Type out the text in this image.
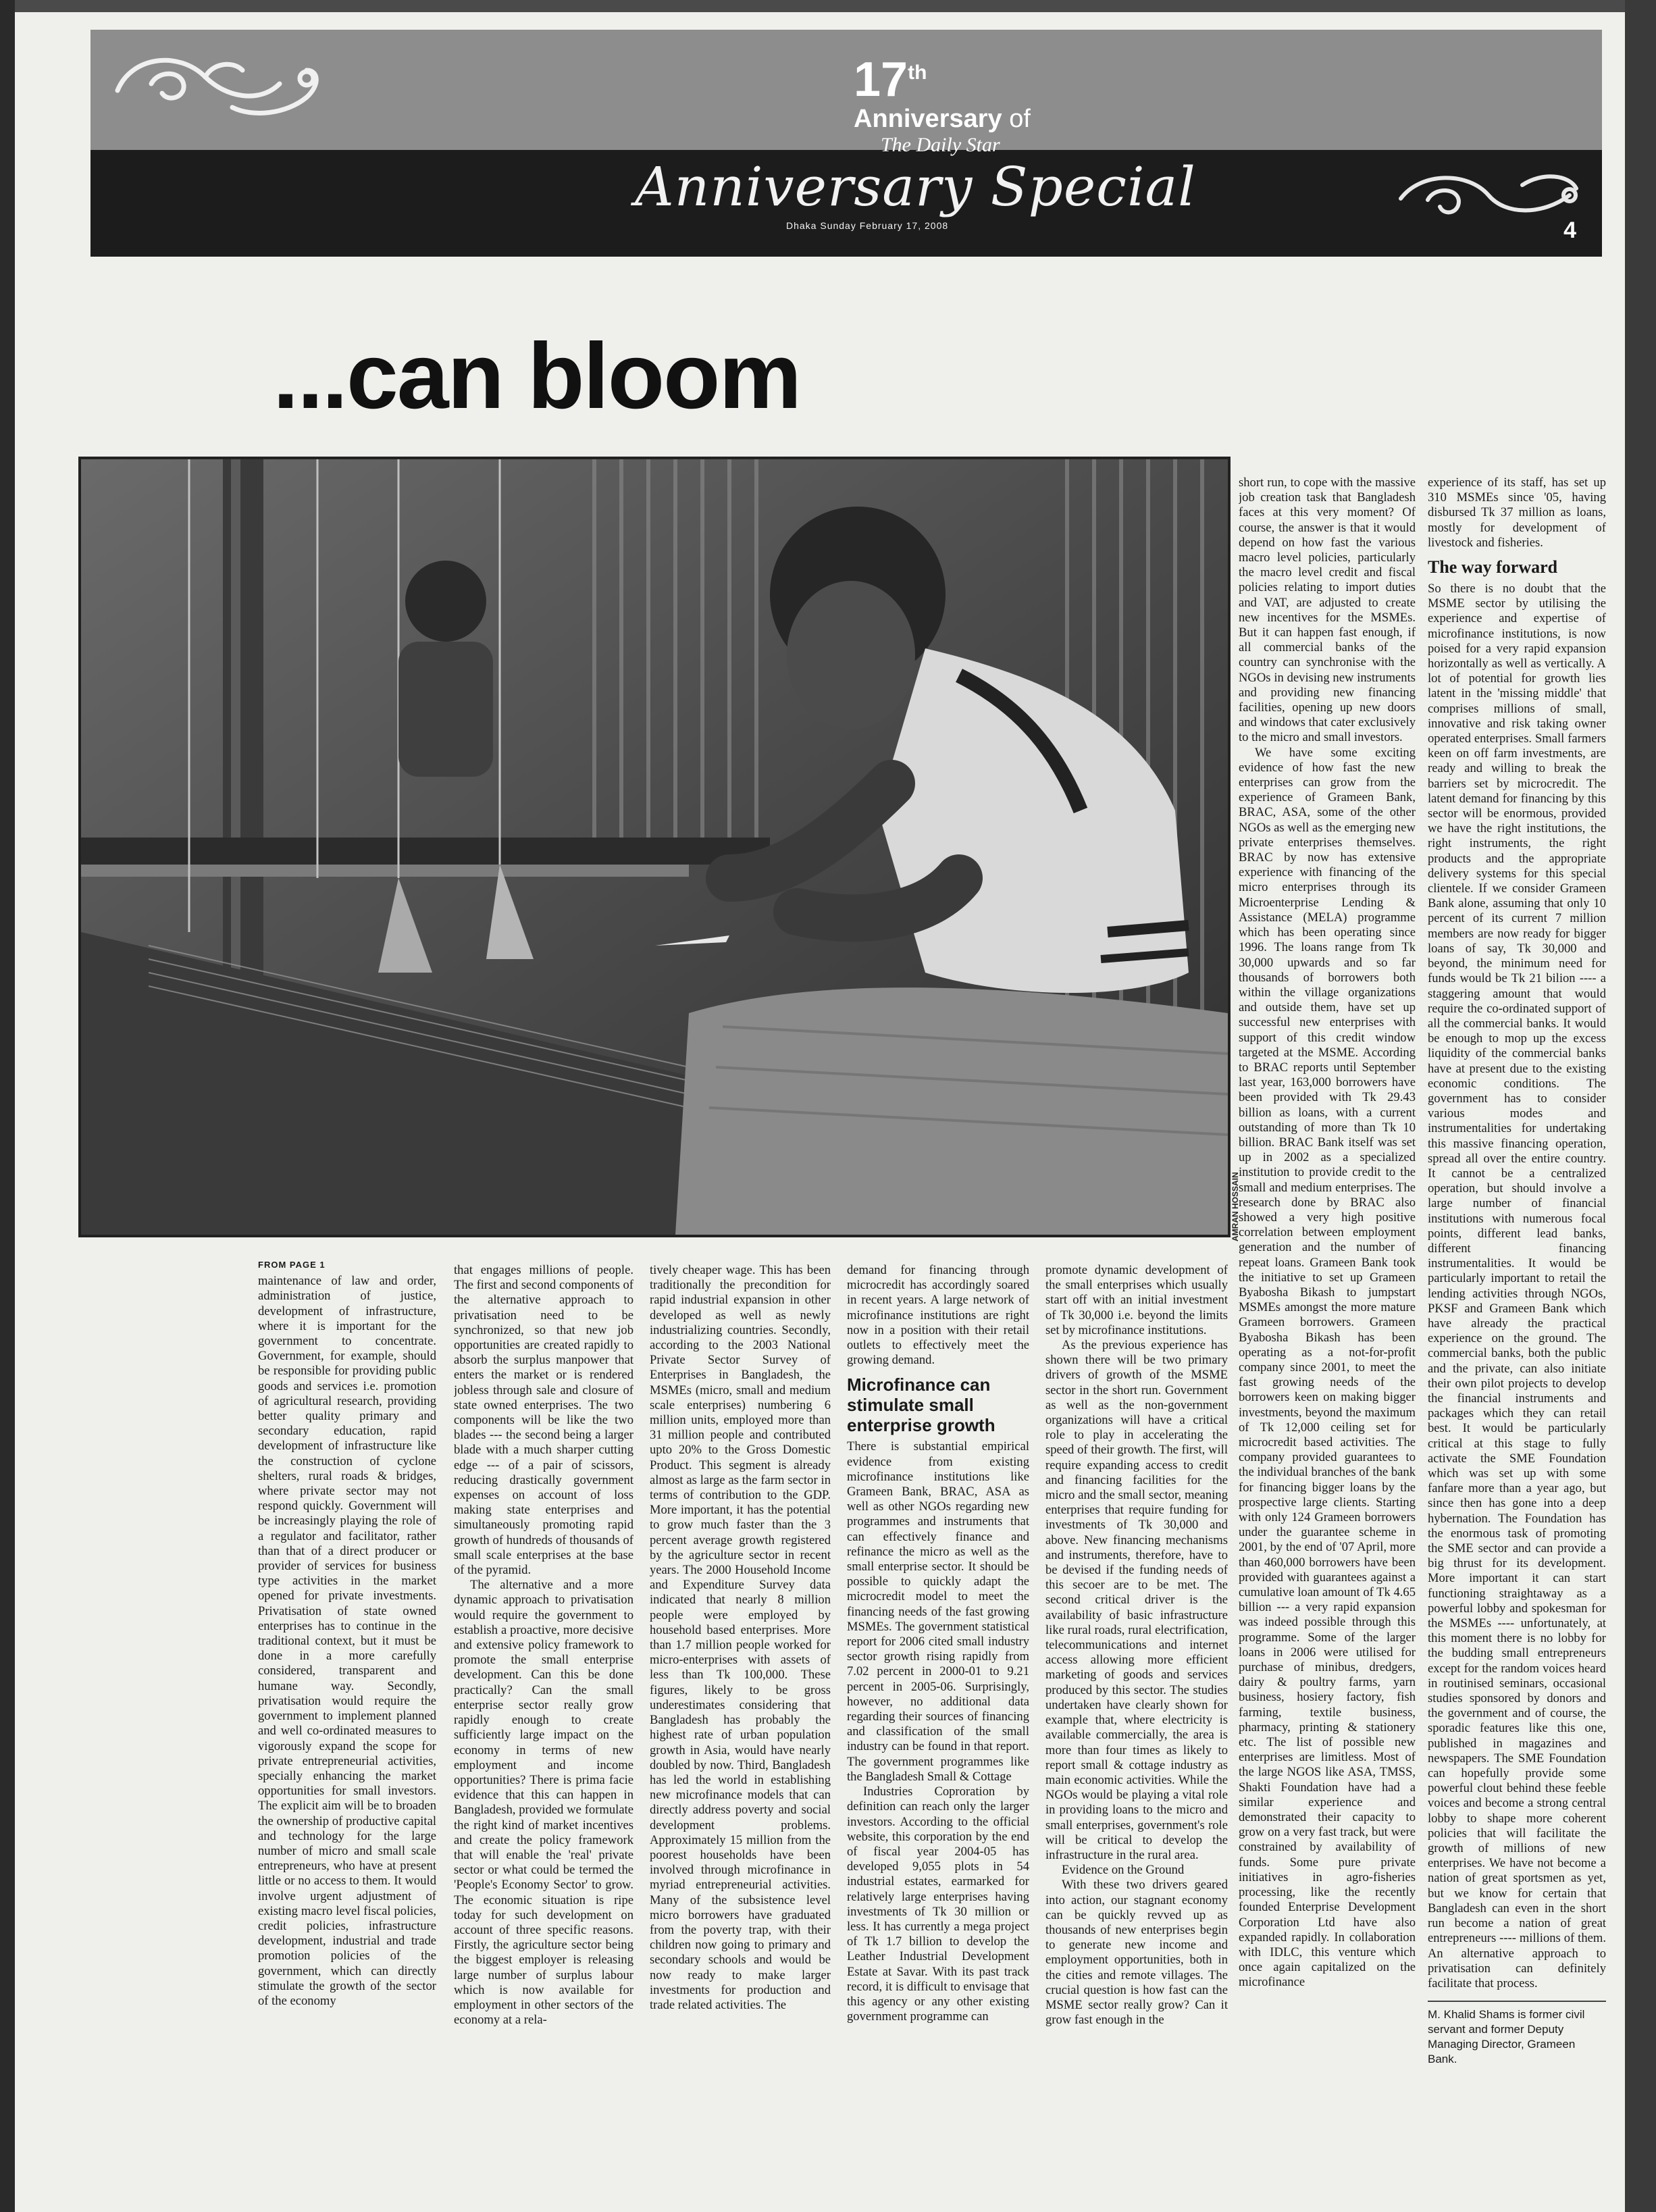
17th
Anniversary of
The Daily Star
Anniversary Special
Dhaka Sunday February 17, 2008	4
...can bloom
AMRAN HOSSAIN
FROM PAGE 1

maintenance of law and order, administration of justice, development of infrastructure, where it is important for the government to concentrate. Government, for example, should be responsible for providing public goods and services i.e. promotion of agricultural research, providing better quality primary and secondary education, rapid development of infrastructure like the construction of cyclone shelters, rural roads & bridges, where private sector may not respond quickly. Government will be increasingly playing the role of a regulator and facilitator, rather than that of a direct producer or provider of services for business type activities in the market opened for private investments. Privatisation of state owned enterprises has to continue in the traditional context, but it must be done in a more carefully considered, transparent and humane way. Secondly, privatisation would require the government to implement planned and well co-ordinated measures to vigorously expand the scope for private entrepreneurial activities, specially enhancing the market opportunities for small investors. The explicit aim will be to broaden the ownership of productive capital and technology for the large number of micro and small scale entrepreneurs, who have at present little or no access to them. It would involve urgent adjustment of existing macro level fiscal policies, credit policies, infrastructure development, industrial and trade promotion policies of the government, which can directly stimulate the growth of the sector of the economy

that engages millions of people. The first and second components of the alternative approach to privatisation need to be synchronized, so that new job opportunities are created rapidly to absorb the surplus manpower that enters the market or is rendered jobless through sale and closure of state owned enterprises. The two components will be like the two blades --- the second being a larger blade with a much sharper cutting edge --- of a pair of scissors, reducing drastically government expenses on account of loss making state enterprises and simultaneously promoting rapid growth of hundreds of thousands of small scale enterprises at the base of the pyramid.

The alternative and a more dynamic approach to privatisation would require the government to establish a proactive, more decisive and extensive policy framework to promote the small enterprise development. Can this be done practically? Can the small enterprise sector really grow rapidly enough to create sufficiently large impact on the economy in terms of new employment and income opportunities? There is prima facie evidence that this can happen in Bangladesh, provided we formulate the right kind of market incentives and create the policy framework that will enable the 'real' private sector or what could be termed the 'People's Economy Sector' to grow. The economic situation is ripe today for such development on account of three specific reasons. Firstly, the agriculture sector being the biggest employer is releasing large number of surplus labour which is now available for employment in other sectors of the economy at a rela-

tively cheaper wage. This has been traditionally the precondition for rapid industrial expansion in other developed as well as newly industrializing countries. Secondly, according to the 2003 National Private Sector Survey of Enterprises in Bangladesh, the MSMEs (micro, small and medium scale enterprises) numbering 6 million units, employed more than 31 million people and contributed upto 20% to the Gross Domestic Product. This segment is already almost as large as the farm sector in terms of contribution to the GDP. More important, it has the potential to grow much faster than the 3 percent average growth registered by the agriculture sector in recent years. The 2000 Household Income and Expenditure Survey data indicated that nearly 8 million people were employed by household based enterprises. More than 1.7 million people worked for micro-enterprises with assets of less than Tk 100,000. These figures, likely to be gross underestimates considering that Bangladesh has probably the highest rate of urban population growth in Asia, would have nearly doubled by now. Third, Bangladesh has led the world in establishing new microfinance models that can directly address poverty and social development problems. Approximately 15 million from the poorest households have been involved through microfinance in myriad entrepreneurial activities. Many of the subsistence level micro borrowers have graduated from the poverty trap, with their children now going to primary and secondary schools and would be now ready to make larger investments for production and trade related activities. The

demand for financing through microcredit has accordingly soared in recent years. A large network of microfinance institutions are right now in a position with their retail outlets to effectively meet the growing demand.

Microfinance can stimulate small enterprise growth

There is substantial empirical evidence from existing microfinance institutions like Grameen Bank, BRAC, ASA as well as other NGOs regarding new programmes and instruments that can effectively finance and refinance the micro as well as the small enterprise sector. It should be possible to quickly adapt the microcredit model to meet the financing needs of the fast growing MSMEs. The government statistical report for 2006 cited small industry sector growth rising rapidly from 7.02 percent in 2000-01 to 9.21 percent in 2005-06. Surprisingly, however, no additional data regarding their sources of financing and classification of the small industry can be found in that report. The government programmes like the Bangladesh Small & Cottage

Industries Coproration by definition can reach only the larger investors. According to the official website, this corporation by the end of fiscal year 2004-05 has developed 9,055 plots in 54 industrial estates, earmarked for relatively large enterprises having investments of Tk 30 million or less. It has currently a mega project of Tk 1.7 billion to develop the Leather Industrial Development Estate at Savar. With its past track record, it is difficult to envisage that this agency or any other existing government programme can

promote dynamic development of the small enterprises which usually start off with an initial investment of Tk 30,000 i.e. beyond the limits set by microfinance institutions.

As the previous experience has shown there will be two primary drivers of growth of the MSME sector in the short run. Government as well as the non-government organizations will have a critical role to play in accelerating the speed of their growth. The first, will require expanding access to credit and financing facilities for the micro and the small sector, meaning enterprises that require funding for investments of Tk 30,000 and above. New financing mechanisms and instruments, therefore, have to be devised if the funding needs of this secoer are to be met. The second critical driver is the availability of basic infrastructure like rural roads, rural electrification, telecommunications and internet access allowing more efficient marketing of goods and services produced by this sector. The studies undertaken have clearly shown for example that, where electricity is available commercially, the area is more than four times as likely to report small & cottage industry as main economic activities. While the NGOs would be playing a vital role in providing loans to the micro and small enterprises, government's role will be critical to develop the infrastructure in the rural area.

Evidence on the Ground

With these two drivers geared into action, our stagnant economy can be quickly revved up as thousands of new enterprises begin to generate new income and employment opportunities, both in the cities and remote villages. The crucial question is how fast can the MSME sector really grow? Can it grow fast enough in the

short run, to cope with the massive job creation task that Bangladesh faces at this very moment? Of course, the answer is that it would depend on how fast the various macro level policies, particularly the macro level credit and fiscal policies relating to import duties and VAT, are adjusted to create new incentives for the MSMEs. But it can happen fast enough, if all commercial banks of the country can synchronise with the NGOs in devising new instruments and providing new financing facilities, opening up new doors and windows that cater exclusively to the micro and small investors.

We have some exciting evidence of how fast the new enterprises can grow from the experience of Grameen Bank, BRAC, ASA, some of the other NGOs as well as the emerging new private enterprises themselves. BRAC by now has extensive experience with financing of the micro enterprises through its Microenterprise Lending & Assistance (MELA) programme which has been operating since 1996. The loans range from Tk 30,000 upwards and so far thousands of borrowers both within the village organizations and outside them, have set up successful new enterprises with support of this credit window targeted at the MSME. According to BRAC reports until September last year, 163,000 borrowers have been provided with Tk 29.43 billion as loans, with a current outstanding of more than Tk 10 billion. BRAC Bank itself was set up in 2002 as a specialized institution to provide credit to the small and medium enterprises. The research done by BRAC also showed a very high positive correlation between employment generation and the number of repeat loans. Grameen Bank took the initiative to set up Grameen Byabosha Bikash to jumpstart MSMEs amongst the more mature Grameen borrowers. Grameen Byabosha Bikash has been operating as a not-for-profit company since 2001, to meet the fast growing needs of the borrowers keen on making bigger investments, beyond the maximum of Tk 12,000 ceiling set for microcredit based activities. The company provided guarantees to the individual branches of the bank for financing bigger loans by the prospective large clients. Starting with only 124 Grameen borrowers under the guarantee scheme in 2001, by the end of '07 April, more than 460,000 borrowers have been provided with guarantees against a cumulative loan amount of Tk 4.65 billion --- a very rapid expansion was indeed possible through this programme. Some of the larger loans in 2006 were utilised for purchase of minibus, dredgers, dairy & poultry farms, yarn business, hosiery factory, fish farming, textile business, pharmacy, printing & stationery etc. The list of possible new enterprises are limitless. Most of the large NGOS like ASA, TMSS, Shakti Foundation have had a similar experience and demonstrated their capacity to grow on a very fast track, but were constrained by availability of funds. Some pure private initiatives in agro-fisheries processing, like the recently founded Enterprise Development Corporation Ltd have also expanded rapidly. In collaboration with IDLC, this venture which once again capitalized on the microfinance

experience of its staff, has set up 310 MSMEs since '05, having disbursed Tk 37 million as loans, mostly for development of livestock and fisheries.

The way forward

So there is no doubt that the MSME sector by utilising the experience and expertise of microfinance institutions, is now poised for a very rapid expansion horizontally as well as vertically. A lot of potential for growth lies latent in the 'missing middle' that comprises millions of small, innovative and risk taking owner operated enterprises. Small farmers keen on off farm investments, are ready and willing to break the barriers set by microcredit. The latent demand for financing by this sector will be enormous, provided we have the right institutions, the right instruments, the right products and the appropriate delivery systems for this special clientele. If we consider Grameen Bank alone, assuming that only 10 percent of its current 7 million members are now ready for bigger loans of say, Tk 30,000 and beyond, the minimum need for funds would be Tk 21 bilion ---- a staggering amount that would require the co-ordinated support of all the commercial banks. It would be enough to mop up the excess liquidity of the commercial banks have at present due to the existing economic conditions. The government has to consider various modes and instrumentalities for undertaking this massive financing operation, spread all over the entire country. It cannot be a centralized operation, but should involve a large number of financial institutions with numerous focal points, different lead banks, different financing instrumentalities. It would be particularly important to retail the lending activities through NGOs, PKSF and Grameen Bank which have already the practical experience on the ground. The commercial banks, both the public and the private, can also initiate their own pilot projects to develop the financial instruments and packages which they can retail best. It would be particularly critical at this stage to fully activate the SME Foundation which was set up with some fanfare more than a year ago, but since then has gone into a deep hybernation. The Foundation has the enormous task of promoting the SME sector and can provide a big thrust for its development. More important it can start functioning straightaway as a powerful lobby and spokesman for the MSMEs ---- unfortunately, at this moment there is no lobby for the budding small entrepreneurs except for the random voices heard in routinised seminars, occasional studies sponsored by donors and the government and of course, the sporadic features like this one, published in magazines and newspapers. The SME Foundation can hopefully provide some powerful clout behind these feeble voices and become a strong central lobby to shape more coherent policies that will facilitate the growth of millions of new enterprises. We have not become a nation of great sportsmen as yet, but we know for certain that Bangladesh can even in the short run become a nation of great entrepreneurs ---- millions of them. An alternative approach to privatisation can definitely facilitate that process.

M. Khalid Shams is former civil servant and former Deputy Managing Director, Grameen Bank.
